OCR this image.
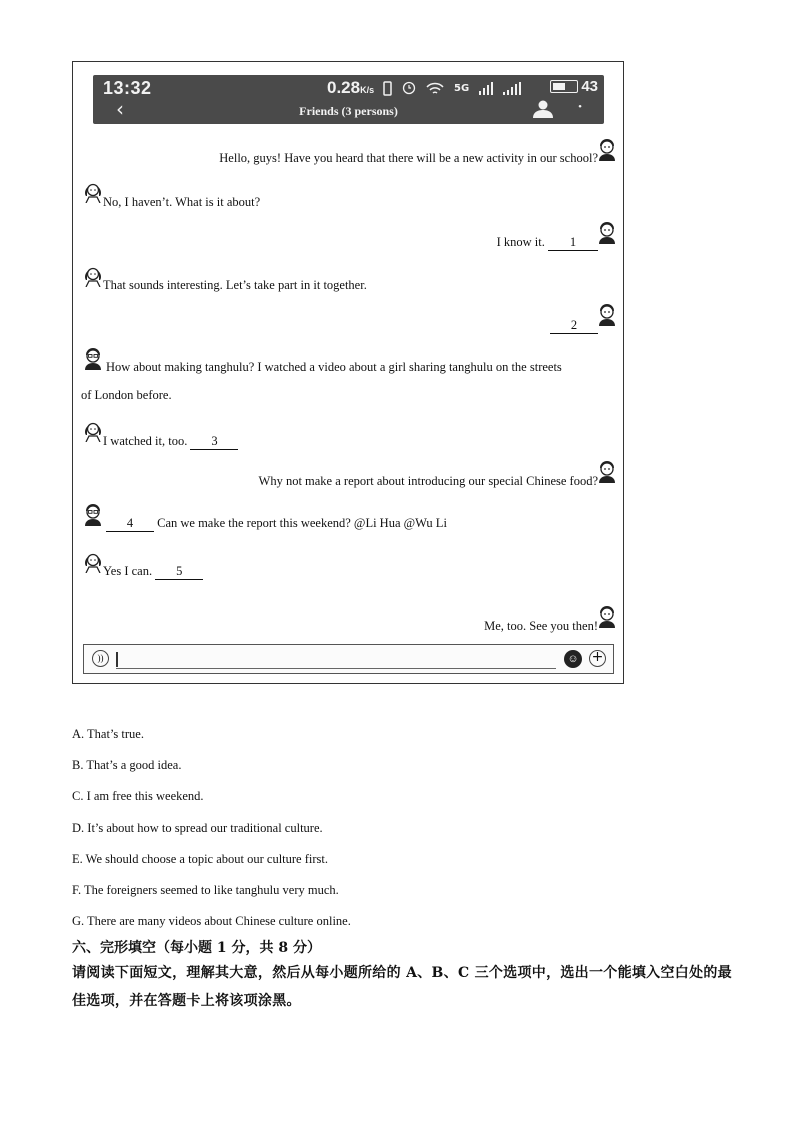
13:32	0.28K/s	5G	43
‹	Friends (3 persons)	•
Hello, guys! Have you heard that there will be a new activity in our school?
No, I haven’t. What is it about?
I know it. 1
That sounds interesting. Let’s take part in it together.
2
How about making tanghulu? I watched a video about a girl sharing tanghulu on the streets
of London before.
I watched it, too. 3
Why not make a report about introducing our special Chinese food?
4 Can we make the report this weekend? @Li Hua @Wu Li
Yes I can. 5
Me, too. See you then!
))	☺ +
A. That’s true.
B. That’s a good idea.
C. I am free this weekend.
D. It’s about how to spread our traditional culture.
E. We should choose a topic about our culture first.
F. The foreigners seemed to like tanghulu very much.
G. There are many videos about Chinese culture online.
六、完形填空（每小题 1 分，共 8 分）
请阅读下面短文，理解其大意，然后从每小题所给的 A、B、C 三个选项中，选出一个能填入空白处的最佳选项，并在答题卡上将该项涂黑。
